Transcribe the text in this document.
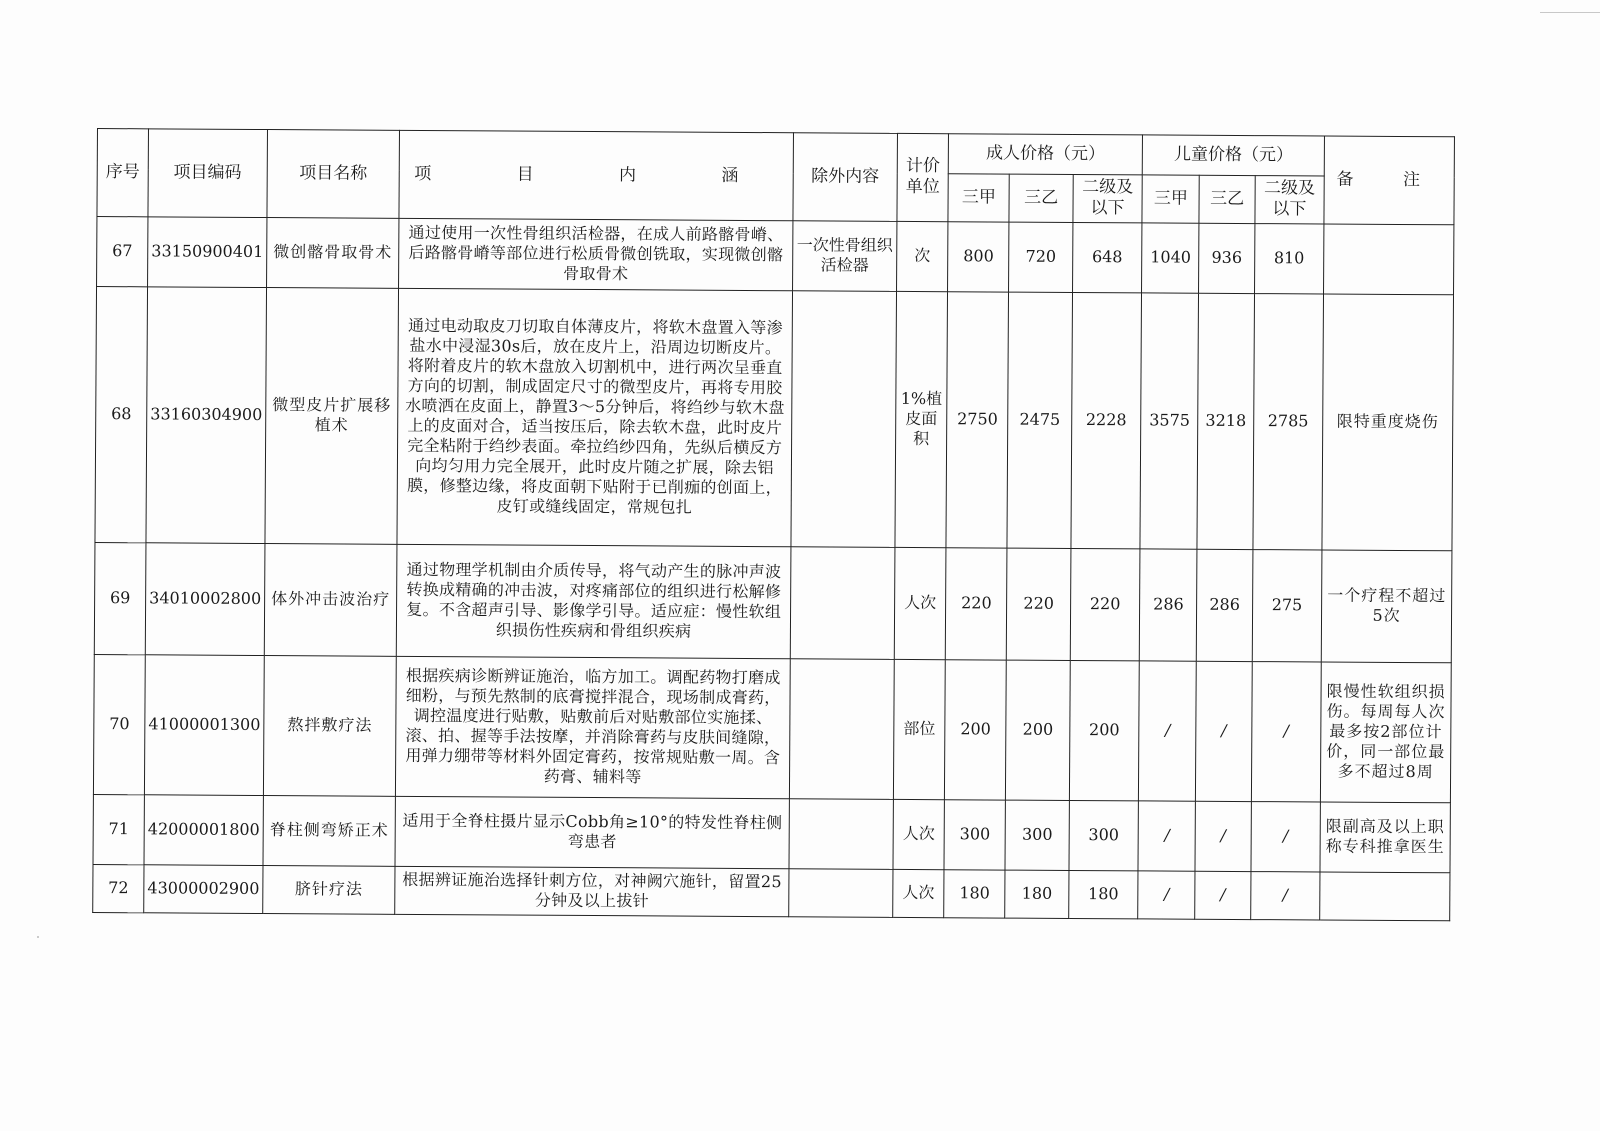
序号	项目编码	项目名称	项 目 内 涵	除外内容	计价单位	成人价格（元）			儿童价格（元）			备 注
						三甲	三乙	二级及以下	三甲	三乙	二级及以下	
67	33150900401	微创髂骨取骨术	通过使用一次性骨组织活检器，在成人前路髂骨嵴、后路髂骨嵴等部位进行松质骨微创铣取，实现微创髂骨取骨术	一次性骨组织活检器	次	800	720	648	1040	936	810	
68	33160304900	微型皮片扩展移植术	通过电动取皮刀切取自体薄皮片，将软木盘置入等渗盐水中浸湿30s后，放在皮片上，沿周边切断皮片。将附着皮片的软木盘放入切割机中，进行两次呈垂直方向的切割，制成固定尺寸的微型皮片，再将专用胶水喷洒在皮面上，静置3～5分钟后，将绉纱与软木盘上的皮面对合，适当按压后，除去软木盘，此时皮片完全粘附于绉纱表面。牵拉绉纱四角，先纵后横反方向均匀用力完全展开，此时皮片随之扩展，除去铝膜，修整边缘，将皮面朝下贴附于已削痂的创面上，皮钉或缝线固定，常规包扎		1%植皮面积	2750	2475	2228	3575	3218	2785	限特重度烧伤
69	34010002800	体外冲击波治疗	通过物理学机制由介质传导，将气动产生的脉冲声波转换成精确的冲击波，对疼痛部位的组织进行松解修复。不含超声引导、影像学引导。适应症：慢性软组织损伤性疾病和骨组织疾病		人次	220	220	220	286	286	275	一个疗程不超过5次
70	41000001300	熬拌敷疗法	根据疾病诊断辨证施治，临方加工。调配药物打磨成细粉，与预先熬制的底膏搅拌混合，现场制成膏药，调控温度进行贴敷，贴敷前后对贴敷部位实施揉、滚、拍、握等手法按摩，并消除膏药与皮肤间缝隙，用弹力绷带等材料外固定膏药，按常规贴敷一周。含药膏、辅料等		部位	200	200	200	/	/	/	限慢性软组织损伤。每周每人次最多按2部位计价，同一部位最多不超过8周
71	42000001800	脊柱侧弯矫正术	适用于全脊柱摄片显示Cobb角≥10°的特发性脊柱侧弯患者		人次	300	300	300	/	/	/	限副高及以上职称专科推拿医生
72	43000002900	脐针疗法	根据辨证施治选择针刺方位，对神阙穴施针，留置25分钟及以上拔针		人次	180	180	180	/	/	/	
